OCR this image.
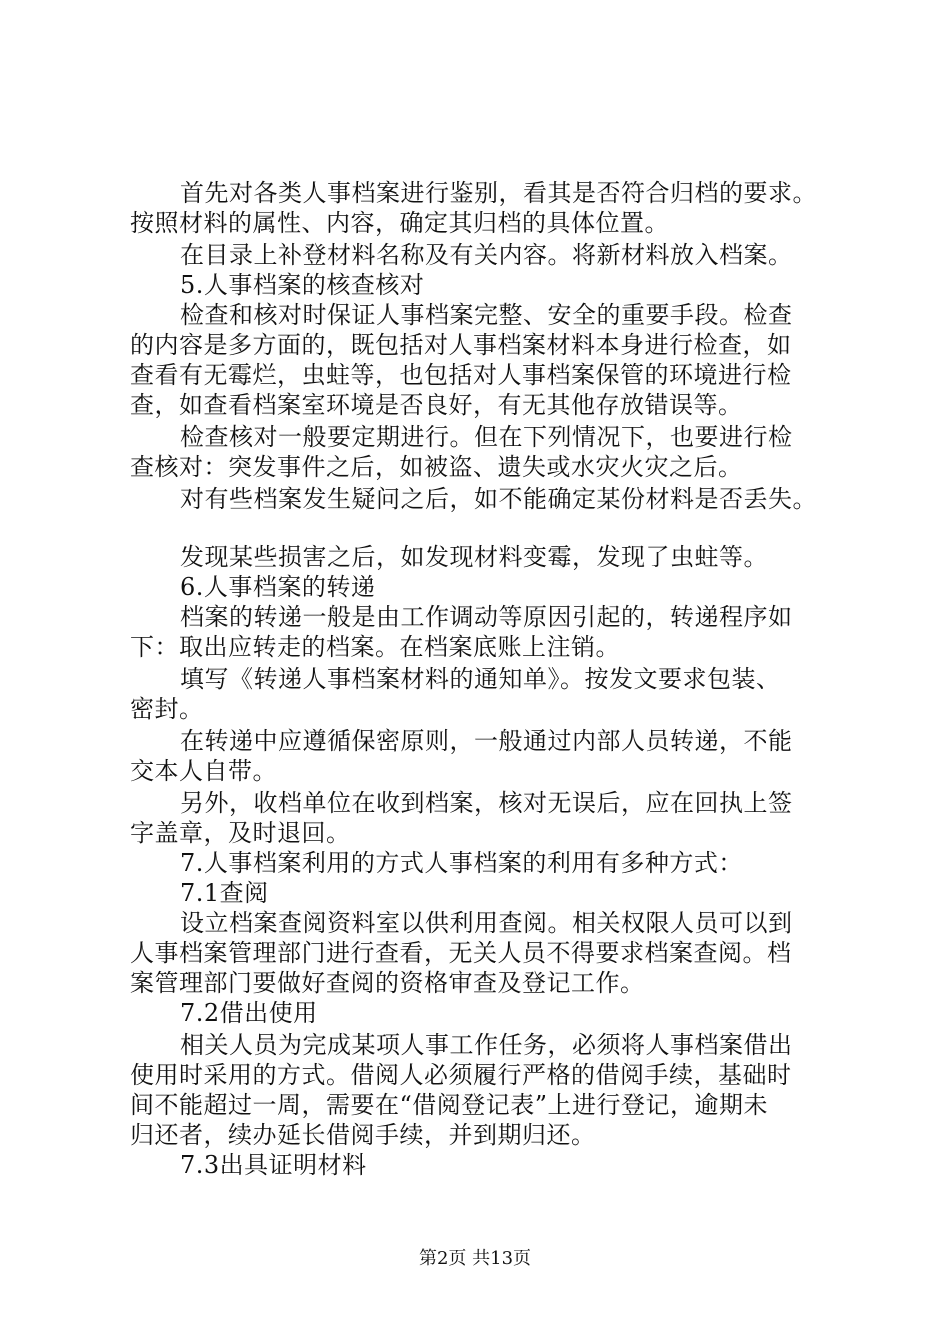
首先对各类人事档案进行鉴别，看其是否符合归档的要求。
按照材料的属性、内容，确定其归档的具体位置。
在目录上补登材料名称及有关内容。将新材料放入档案。
5.人事档案的核查核对
检查和核对时保证人事档案完整、安全的重要手段。检查
的内容是多方面的，既包括对人事档案材料本身进行检查，如
查看有无霉烂，虫蛀等，也包括对人事档案保管的环境进行检
查，如查看档案室环境是否良好，有无其他存放错误等。
检查核对一般要定期进行。但在下列情况下，也要进行检
查核对：突发事件之后，如被盗、遗失或水灾火灾之后。
对有些档案发生疑问之后，如不能确定某份材料是否丢失。
发现某些损害之后，如发现材料变霉，发现了虫蛀等。
6.人事档案的转递
档案的转递一般是由工作调动等原因引起的，转递程序如
下：取出应转走的档案。在档案底账上注销。
填写《转递人事档案材料的通知单》。按发文要求包装、
密封。
在转递中应遵循保密原则，一般通过内部人员转递，不能
交本人自带。
另外，收档单位在收到档案，核对无误后，应在回执上签
字盖章，及时退回。
7.人事档案利用的方式人事档案的利用有多种方式：
7.1查阅
设立档案查阅资料室以供利用查阅。相关权限人员可以到
人事档案管理部门进行查看，无关人员不得要求档案查阅。档
案管理部门要做好查阅的资格审查及登记工作。
7.2借出使用
相关人员为完成某项人事工作任务，必须将人事档案借出
使用时采用的方式。借阅人必须履行严格的借阅手续，基础时
间不能超过一周，需要在“借阅登记表”上进行登记，逾期未
归还者，续办延长借阅手续，并到期归还。
7.3出具证明材料
第2页 共13页
